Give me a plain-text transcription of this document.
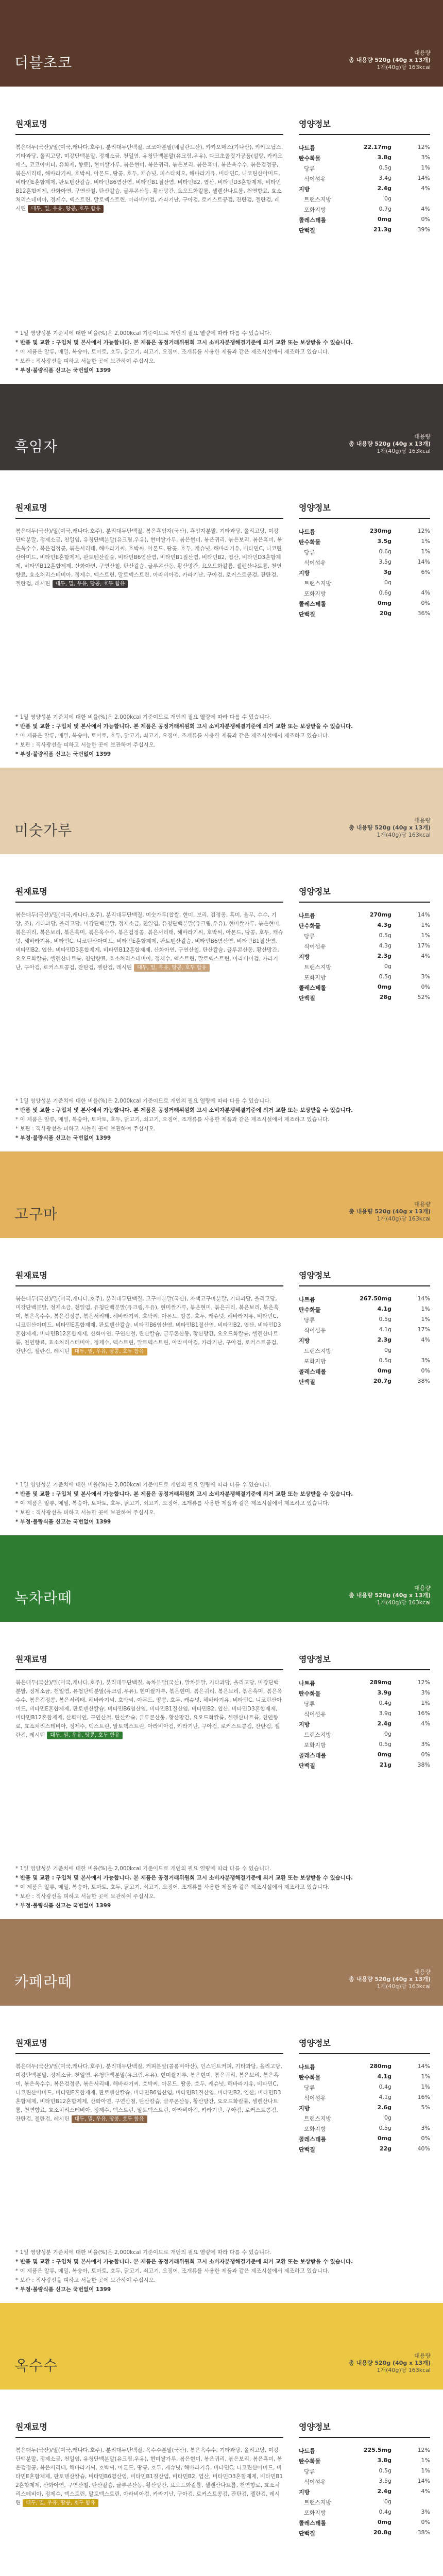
더블초코
대용량
총 내용량 520g (40g x 13개)
1개(40g)당 163kcal
원재료명	영양정보
볶은대두(국산)/밀(미국,캐나다,호주), 분리대두단백질, 코코아분말(네덜란드산), 카카오매스(가나산), 카카오닙스, 기타과당, 올리고당, 미강단백분말, 정제소금, 천일염, 유청단백분말(유크림,우유), 다크초콜릿가공품(설탕, 카카오매스, 코코아버터, 유화제, 향료), 현미쌀가루, 볶은현미, 볶은귀리, 볶은보리, 볶은흑미, 볶은옥수수, 볶은검정콩, 볶은서리태, 해바라기씨, 호박씨, 아몬드, 땅콩, 호두, 캐슈넛, 피스타치오, 해바라기유, 비타민C, 니코틴산아미드, 비타민E혼합제제, 판토텐산칼슘, 비타민B6염산염, 비타민B1질산염, 비타민B2, 엽산, 비타민D3혼합제제, 비타민B12혼합제제, 산화아연, 구연산철, 탄산칼슘, 글루콘산동, 황산망간, 요오드화칼륨, 셀렌산나트륨, 천연향료, 효소처리스테비아, 정제수, 덱스트린, 말토덱스트린, 아라비아검, 카라기난, 구아검, 로커스트콩검, 잔탄검, 젤란검, 레시틴 대두, 밀, 우유, 땅콩, 호두 함유
나트륨	22.17mg	12%
탄수화물	3.8g	3%
당류	0.5g	1%
식이섬유	3.4g	14%
지방	2.4g	4%
트랜스지방	0g
포화지방	0.7g	4%
콜레스테롤	0mg	0%
단백질	21.3g	39%
* 1일 영양성분 기준치에 대한 비율(%)은 2,000kcal 기준이므로 개인의 필요 열량에 따라 다를 수 있습니다.
* 반품 및 교환 : 구입처 및 본사에서 가능합니다. 본 제품은 공정거래위원회 고시 소비자분쟁해결기준에 의거 교환 또는 보상받을 수 있습니다.
* 이 제품은 알류, 메밀, 복숭아, 토마토, 호두, 닭고기, 쇠고기, 오징어, 조개류를 사용한 제품과 같은 제조시설에서 제조하고 있습니다.
* 보관 : 직사광선을 피하고 서늘한 곳에 보관하여 주십시오.
* 부정·불량식품 신고는 국번없이 1399
흑임자
대용량
총 내용량 520g (40g x 13개)
1개(40g)당 163kcal
원재료명	영양정보
볶은대두(국산)/밀(미국,캐나다,호주), 분리대두단백질, 볶은흑임자(국산), 흑임자분말, 기타과당, 올리고당, 미강단백분말, 정제소금, 천일염, 유청단백분말(유크림,우유), 현미쌀가루, 볶은현미, 볶은귀리, 볶은보리, 볶은흑미, 볶은옥수수, 볶은검정콩, 볶은서리태, 해바라기씨, 호박씨, 아몬드, 땅콩, 호두, 캐슈넛, 해바라기유, 비타민C, 니코틴산아미드, 비타민E혼합제제, 판토텐산칼슘, 비타민B6염산염, 비타민B1질산염, 비타민B2, 엽산, 비타민D3혼합제제, 비타민B12혼합제제, 산화아연, 구연산철, 탄산칼슘, 글루콘산동, 황산망간, 요오드화칼륨, 셀렌산나트륨, 천연향료, 효소처리스테비아, 정제수, 덱스트린, 말토덱스트린, 아라비아검, 카라기난, 구아검, 로커스트콩검, 잔탄검, 젤란검, 레시틴 대두, 밀, 우유, 땅콩, 호두 함유
나트륨	230mg	12%
탄수화물	3.5g	1%
당류	0.6g	1%
식이섬유	3.5g	14%
지방	3g	6%
트랜스지방	0g
포화지방	0.6g	4%
콜레스테롤	0mg	0%
단백질	20g	36%
* 1일 영양성분 기준치에 대한 비율(%)은 2,000kcal 기준이므로 개인의 필요 열량에 따라 다를 수 있습니다.
* 반품 및 교환 : 구입처 및 본사에서 가능합니다. 본 제품은 공정거래위원회 고시 소비자분쟁해결기준에 의거 교환 또는 보상받을 수 있습니다.
* 이 제품은 알류, 메밀, 복숭아, 토마토, 호두, 닭고기, 쇠고기, 오징어, 조개류를 사용한 제품과 같은 제조시설에서 제조하고 있습니다.
* 보관 : 직사광선을 피하고 서늘한 곳에 보관하여 주십시오.
* 부정·불량식품 신고는 국번없이 1399
미숫가루
대용량
총 내용량 520g (40g x 13개)
1개(40g)당 163kcal
원재료명	영양정보
볶은대두(국산)/밀(미국,캐나다,호주), 분리대두단백질, 미숫가루(찹쌀, 현미, 보리, 검정콩, 흑미, 율무, 수수, 기장, 조), 기타과당, 올리고당, 미강단백분말, 정제소금, 천일염, 유청단백분말(유크림,우유), 현미쌀가루, 볶은현미, 볶은귀리, 볶은보리, 볶은흑미, 볶은옥수수, 볶은검정콩, 볶은서리태, 해바라기씨, 호박씨, 아몬드, 땅콩, 호두, 캐슈넛, 해바라기유, 비타민C, 니코틴산아미드, 비타민E혼합제제, 판토텐산칼슘, 비타민B6염산염, 비타민B1질산염, 비타민B2, 엽산, 비타민D3혼합제제, 비타민B12혼합제제, 산화아연, 구연산철, 탄산칼슘, 글루콘산동, 황산망간, 요오드화칼륨, 셀렌산나트륨, 천연향료, 효소처리스테비아, 정제수, 덱스트린, 말토덱스트린, 아라비아검, 카라기난, 구아검, 로커스트콩검, 잔탄검, 젤란검, 레시틴 대두, 밀, 우유, 땅콩, 호두 함유
나트륨	270mg	14%
탄수화물	4.3g	1%
당류	0.5g	1%
식이섬유	4.3g	17%
지방	2.3g	4%
트랜스지방	0g
포화지방	0.5g	3%
콜레스테롤	0mg	0%
단백질	28g	52%
* 1일 영양성분 기준치에 대한 비율(%)은 2,000kcal 기준이므로 개인의 필요 열량에 따라 다를 수 있습니다.
* 반품 및 교환 : 구입처 및 본사에서 가능합니다. 본 제품은 공정거래위원회 고시 소비자분쟁해결기준에 의거 교환 또는 보상받을 수 있습니다.
* 이 제품은 알류, 메밀, 복숭아, 토마토, 호두, 닭고기, 쇠고기, 오징어, 조개류를 사용한 제품과 같은 제조시설에서 제조하고 있습니다.
* 보관 : 직사광선을 피하고 서늘한 곳에 보관하여 주십시오.
* 부정·불량식품 신고는 국번없이 1399
고구마
대용량
총 내용량 520g (40g x 13개)
1개(40g)당 163kcal
원재료명	영양정보
볶은대두(국산)/밀(미국,캐나다,호주), 분리대두단백질, 고구마분말(국산), 자색고구마분말, 기타과당, 올리고당, 미강단백분말, 정제소금, 천일염, 유청단백분말(유크림,우유), 현미쌀가루, 볶은현미, 볶은귀리, 볶은보리, 볶은흑미, 볶은옥수수, 볶은검정콩, 볶은서리태, 해바라기씨, 호박씨, 아몬드, 땅콩, 호두, 캐슈넛, 해바라기유, 비타민C, 니코틴산아미드, 비타민E혼합제제, 판토텐산칼슘, 비타민B6염산염, 비타민B1질산염, 비타민B2, 엽산, 비타민D3혼합제제, 비타민B12혼합제제, 산화아연, 구연산철, 탄산칼슘, 글루콘산동, 황산망간, 요오드화칼륨, 셀렌산나트륨, 천연향료, 효소처리스테비아, 정제수, 덱스트린, 말토덱스트린, 아라비아검, 카라기난, 구아검, 로커스트콩검, 잔탄검, 젤란검, 레시틴 대두, 밀, 우유, 땅콩, 호두 함유
나트륨	267.50mg	14%
탄수화물	4.1g	1%
당류	0.5g	1%
식이섬유	4.1g	17%
지방	2.3g	4%
트랜스지방	0g
포화지방	0.5g	3%
콜레스테롤	0mg	0%
단백질	20.7g	38%
* 1일 영양성분 기준치에 대한 비율(%)은 2,000kcal 기준이므로 개인의 필요 열량에 따라 다를 수 있습니다.
* 반품 및 교환 : 구입처 및 본사에서 가능합니다. 본 제품은 공정거래위원회 고시 소비자분쟁해결기준에 의거 교환 또는 보상받을 수 있습니다.
* 이 제품은 알류, 메밀, 복숭아, 토마토, 호두, 닭고기, 쇠고기, 오징어, 조개류를 사용한 제품과 같은 제조시설에서 제조하고 있습니다.
* 보관 : 직사광선을 피하고 서늘한 곳에 보관하여 주십시오.
* 부정·불량식품 신고는 국번없이 1399
녹차라떼
대용량
총 내용량 520g (40g x 13개)
1개(40g)당 163kcal
원재료명	영양정보
볶은대두(국산)/밀(미국,캐나다,호주), 분리대두단백질, 녹차분말(국산), 말차분말, 기타과당, 올리고당, 미강단백분말, 정제소금, 천일염, 유청단백분말(유크림,우유), 현미쌀가루, 볶은현미, 볶은귀리, 볶은보리, 볶은흑미, 볶은옥수수, 볶은검정콩, 볶은서리태, 해바라기씨, 호박씨, 아몬드, 땅콩, 호두, 캐슈넛, 해바라기유, 비타민C, 니코틴산아미드, 비타민E혼합제제, 판토텐산칼슘, 비타민B6염산염, 비타민B1질산염, 비타민B2, 엽산, 비타민D3혼합제제, 비타민B12혼합제제, 산화아연, 구연산철, 탄산칼슘, 글루콘산동, 황산망간, 요오드화칼륨, 셀렌산나트륨, 천연향료, 효소처리스테비아, 정제수, 덱스트린, 말토덱스트린, 아라비아검, 카라기난, 구아검, 로커스트콩검, 잔탄검, 젤란검, 레시틴 대두, 밀, 우유, 땅콩, 호두 함유
나트륨	289mg	12%
탄수화물	3.9g	3%
당류	0.4g	1%
식이섬유	3.9g	16%
지방	2.4g	4%
트랜스지방	0g
포화지방	0.5g	3%
콜레스테롤	0mg	0%
단백질	21g	38%
* 1일 영양성분 기준치에 대한 비율(%)은 2,000kcal 기준이므로 개인의 필요 열량에 따라 다를 수 있습니다.
* 반품 및 교환 : 구입처 및 본사에서 가능합니다. 본 제품은 공정거래위원회 고시 소비자분쟁해결기준에 의거 교환 또는 보상받을 수 있습니다.
* 이 제품은 알류, 메밀, 복숭아, 토마토, 호두, 닭고기, 쇠고기, 오징어, 조개류를 사용한 제품과 같은 제조시설에서 제조하고 있습니다.
* 보관 : 직사광선을 피하고 서늘한 곳에 보관하여 주십시오.
* 부정·불량식품 신고는 국번없이 1399
카페라떼
대용량
총 내용량 520g (40g x 13개)
1개(40g)당 163kcal
원재료명	영양정보
볶은대두(국산)/밀(미국,캐나다,호주), 분리대두단백질, 커피분말(콜롬비아산), 인스턴트커피, 기타과당, 올리고당, 미강단백분말, 정제소금, 천일염, 유청단백분말(유크림,우유), 현미쌀가루, 볶은현미, 볶은귀리, 볶은보리, 볶은흑미, 볶은옥수수, 볶은검정콩, 볶은서리태, 해바라기씨, 호박씨, 아몬드, 땅콩, 호두, 캐슈넛, 해바라기유, 비타민C, 니코틴산아미드, 비타민E혼합제제, 판토텐산칼슘, 비타민B6염산염, 비타민B1질산염, 비타민B2, 엽산, 비타민D3혼합제제, 비타민B12혼합제제, 산화아연, 구연산철, 탄산칼슘, 글루콘산동, 황산망간, 요오드화칼륨, 셀렌산나트륨, 천연향료, 효소처리스테비아, 정제수, 덱스트린, 말토덱스트린, 아라비아검, 카라기난, 구아검, 로커스트콩검, 잔탄검, 젤란검, 레시틴 대두, 밀, 우유, 땅콩, 호두 함유
나트륨	280mg	14%
탄수화물	4.1g	1%
당류	0.4g	1%
식이섬유	4.1g	16%
지방	2.6g	5%
트랜스지방	0g
포화지방	0.5g	3%
콜레스테롤	0mg	0%
단백질	22g	40%
* 1일 영양성분 기준치에 대한 비율(%)은 2,000kcal 기준이므로 개인의 필요 열량에 따라 다를 수 있습니다.
* 반품 및 교환 : 구입처 및 본사에서 가능합니다. 본 제품은 공정거래위원회 고시 소비자분쟁해결기준에 의거 교환 또는 보상받을 수 있습니다.
* 이 제품은 알류, 메밀, 복숭아, 토마토, 호두, 닭고기, 쇠고기, 오징어, 조개류를 사용한 제품과 같은 제조시설에서 제조하고 있습니다.
* 보관 : 직사광선을 피하고 서늘한 곳에 보관하여 주십시오.
* 부정·불량식품 신고는 국번없이 1399
옥수수
대용량
총 내용량 520g (40g x 13개)
1개(40g)당 163kcal
원재료명	영양정보
볶은대두(국산)/밀(미국,캐나다,호주), 분리대두단백질, 옥수수분말(국산), 볶은옥수수, 기타과당, 올리고당, 미강단백분말, 정제소금, 천일염, 유청단백분말(유크림,우유), 현미쌀가루, 볶은현미, 볶은귀리, 볶은보리, 볶은흑미, 볶은검정콩, 볶은서리태, 해바라기씨, 호박씨, 아몬드, 땅콩, 호두, 캐슈넛, 해바라기유, 비타민C, 니코틴산아미드, 비타민E혼합제제, 판토텐산칼슘, 비타민B6염산염, 비타민B1질산염, 비타민B2, 엽산, 비타민D3혼합제제, 비타민B12혼합제제, 산화아연, 구연산철, 탄산칼슘, 글루콘산동, 황산망간, 요오드화칼륨, 셀렌산나트륨, 천연향료, 효소처리스테비아, 정제수, 덱스트린, 말토덱스트린, 아라비아검, 카라기난, 구아검, 로커스트콩검, 잔탄검, 젤란검, 레시틴 대두, 밀, 우유, 땅콩, 호두 함유
나트륨	225.5mg	12%
탄수화물	3.8g	1%
당류	0.5g	1%
식이섬유	3.5g	14%
지방	2.4g	4%
트랜스지방	0g
포화지방	0.4g	3%
콜레스테롤	0mg	0%
단백질	20.8g	38%
